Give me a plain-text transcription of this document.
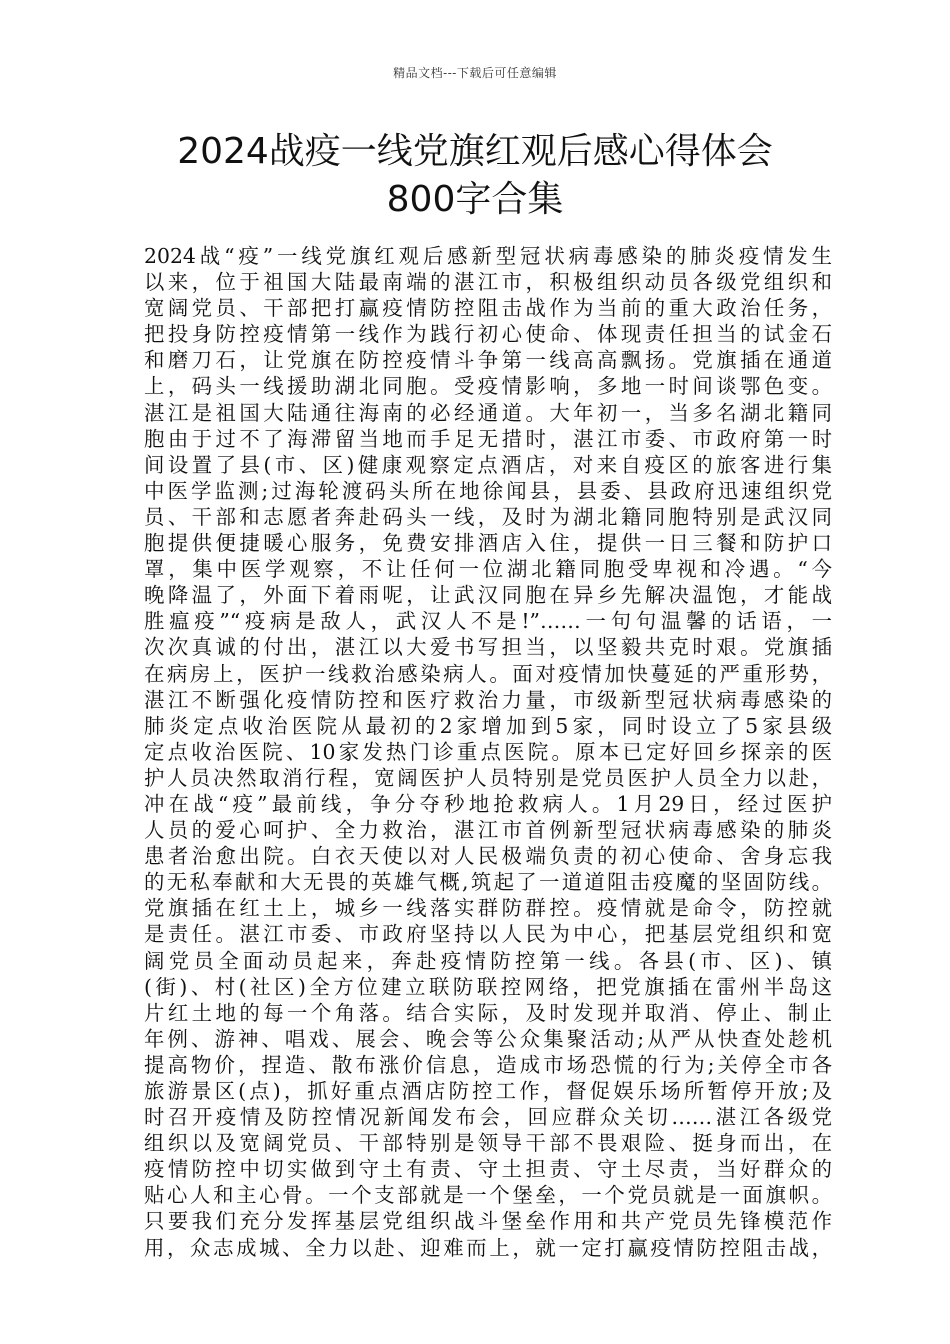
精品文档---下载后可任意编辑
2024战疫一线党旗红观后感心得体会
800字合集
2024战“疫”一线党旗红观后感新型冠状病毒感染的肺炎疫情发生
以来，位于祖国大陆最南端的湛江市，积极组织动员各级党组织和
宽阔党员、干部把打赢疫情防控阻击战作为当前的重大政治任务，
把投身防控疫情第一线作为践行初心使命、体现责任担当的试金石
和磨刀石，让党旗在防控疫情斗争第一线高高飘扬。党旗插在通道
上，码头一线援助湖北同胞。受疫情影响，多地一时间谈鄂色变。
湛江是祖国大陆通往海南的必经通道。大年初一，当多名湖北籍同
胞由于过不了海滞留当地而手足无措时，湛江市委、市政府第一时
间设置了县(市、区)健康观察定点酒店，对来自疫区的旅客进行集
中医学监测;过海轮渡码头所在地徐闻县，县委、县政府迅速组织党
员、干部和志愿者奔赴码头一线，及时为湖北籍同胞特别是武汉同
胞提供便捷暖心服务，免费安排酒店入住，提供一日三餐和防护口
罩，集中医学观察，不让任何一位湖北籍同胞受卑视和冷遇。“今
晚降温了，外面下着雨呢，让武汉同胞在异乡先解决温饱，才能战
胜瘟疫”“疫病是敌人，武汉人不是!”……一句句温馨的话语，一
次次真诚的付出，湛江以大爱书写担当，以坚毅共克时艰。党旗插
在病房上，医护一线救治感染病人。面对疫情加快蔓延的严重形势，
湛江不断强化疫情防控和医疗救治力量，市级新型冠状病毒感染的
肺炎定点收治医院从最初的2家增加到5家，同时设立了5家县级
定点收治医院、10家发热门诊重点医院。原本已定好回乡探亲的医
护人员决然取消行程，宽阔医护人员特别是党员医护人员全力以赴，
冲在战“疫”最前线，争分夺秒地抢救病人。1月29日，经过医护
人员的爱心呵护、全力救治，湛江市首例新型冠状病毒感染的肺炎
患者治愈出院。白衣天使以对人民极端负责的初心使命、舍身忘我
的无私奉献和大无畏的英雄气概,筑起了一道道阻击疫魔的坚固防线。
党旗插在红土上，城乡一线落实群防群控。疫情就是命令，防控就
是责任。湛江市委、市政府坚持以人民为中心，把基层党组织和宽
阔党员全面动员起来，奔赴疫情防控第一线。各县(市、区)、镇
(街)、村(社区)全方位建立联防联控网络，把党旗插在雷州半岛这
片红土地的每一个角落。结合实际，及时发现并取消、停止、制止
年例、游神、唱戏、展会、晚会等公众集聚活动;从严从快查处趁机
提高物价，捏造、散布涨价信息，造成市场恐慌的行为;关停全市各
旅游景区(点)，抓好重点酒店防控工作，督促娱乐场所暂停开放;及
时召开疫情及防控情况新闻发布会，回应群众关切……湛江各级党
组织以及宽阔党员、干部特别是领导干部不畏艰险、挺身而出，在
疫情防控中切实做到守土有责、守土担责、守土尽责，当好群众的
贴心人和主心骨。一个支部就是一个堡垒，一个党员就是一面旗帜。
只要我们充分发挥基层党组织战斗堡垒作用和共产党员先锋模范作
用，众志成城、全力以赴、迎难而上，就一定打赢疫情防控阻击战，
